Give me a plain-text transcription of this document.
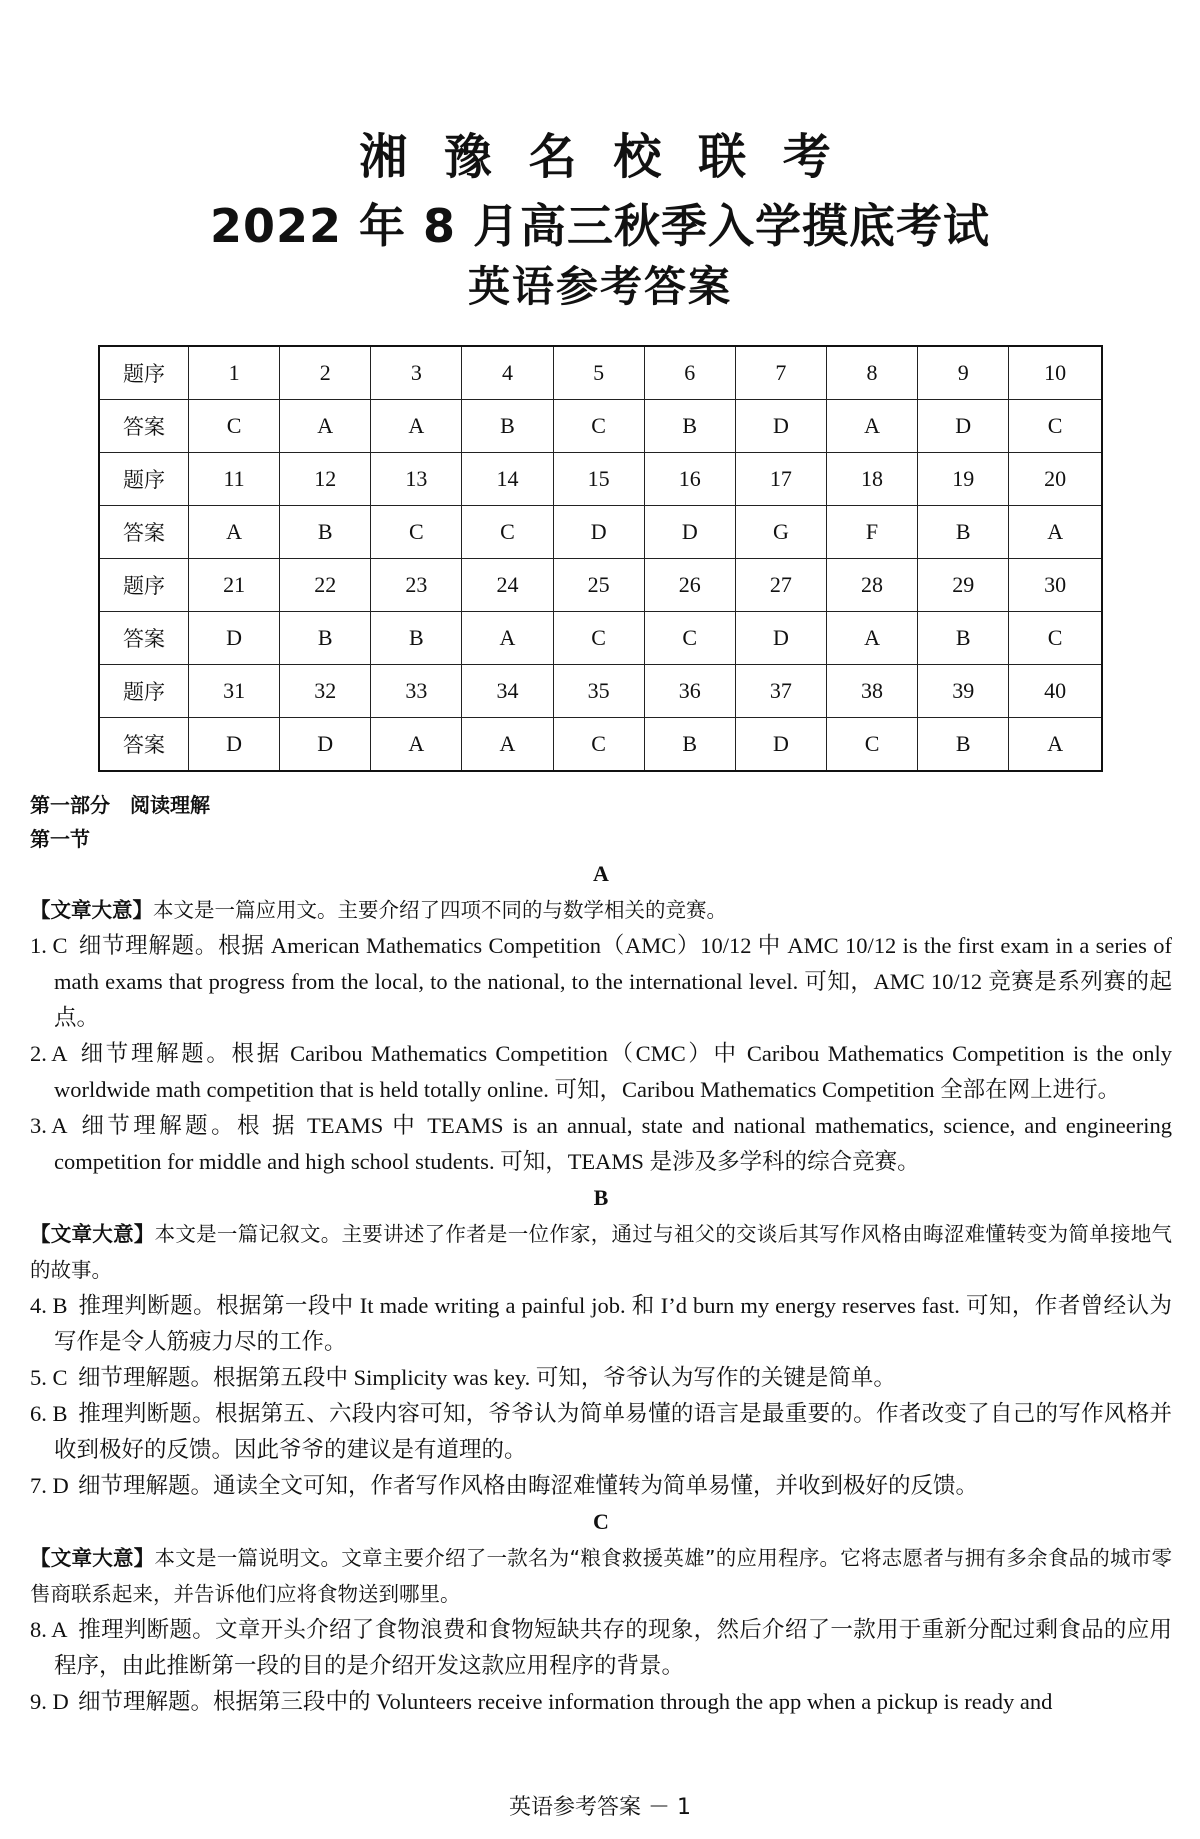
湘 豫 名 校 联 考
2022 年 8 月高三秋季入学摸底考试
英语参考答案
题序	1	2	3	4	5	6	7	8	9	10
答案	C	A	A	B	C	B	D	A	D	C
题序	11	12	13	14	15	16	17	18	19	20
答案	A	B	C	C	D	D	G	F	B	A
题序	21	22	23	24	25	26	27	28	29	30
答案	D	B	B	A	C	C	D	A	B	C
题序	31	32	33	34	35	36	37	38	39	40
答案	D	D	A	A	C	B	D	C	B	A
第一部分　阅读理解
第一节
A
【文章大意】本文是一篇应用文。主要介绍了四项不同的与数学相关的竞赛。
1. C 细节理解题。根据 American Mathematics Competition（AMC）10/12 中 AMC 10/12 is the first exam in a series of math exams that progress from the local, to the national, to the international level. 可知，AMC 10/12 竞赛是系列赛的起点。
2. A 细节理解题。根据 Caribou Mathematics Competition（CMC）中 Caribou Mathematics Competition is the only worldwide math competition that is held totally online. 可知，Caribou Mathematics Competition 全部在网上进行。
3. A 细节理解题。根 据 TEAMS 中 TEAMS is an annual, state and national mathematics, science, and engineering competition for middle and high school students. 可知，TEAMS 是涉及多学科的综合竞赛。
B
【文章大意】本文是一篇记叙文。主要讲述了作者是一位作家，通过与祖父的交谈后其写作风格由晦涩难懂转变为简单接地气的故事。
4. B 推理判断题。根据第一段中 It made writing a painful job. 和 I’d burn my energy reserves fast. 可知，作者曾经认为写作是令人筋疲力尽的工作。
5. C 细节理解题。根据第五段中 Simplicity was key. 可知，爷爷认为写作的关键是简单。
6. B 推理判断题。根据第五、六段内容可知，爷爷认为简单易懂的语言是最重要的。作者改变了自己的写作风格并收到极好的反馈。因此爷爷的建议是有道理的。
7. D 细节理解题。通读全文可知，作者写作风格由晦涩难懂转为简单易懂，并收到极好的反馈。
C
【文章大意】本文是一篇说明文。文章主要介绍了一款名为“粮食救援英雄”的应用程序。它将志愿者与拥有多余食品的城市零售商联系起来，并告诉他们应将食物送到哪里。
8. A 推理判断题。文章开头介绍了食物浪费和食物短缺共存的现象，然后介绍了一款用于重新分配过剩食品的应用程序，由此推断第一段的目的是介绍开发这款应用程序的背景。
9. D 细节理解题。根据第三段中的 Volunteers receive information through the app when a pickup is ready and
英语参考答案 － 1
